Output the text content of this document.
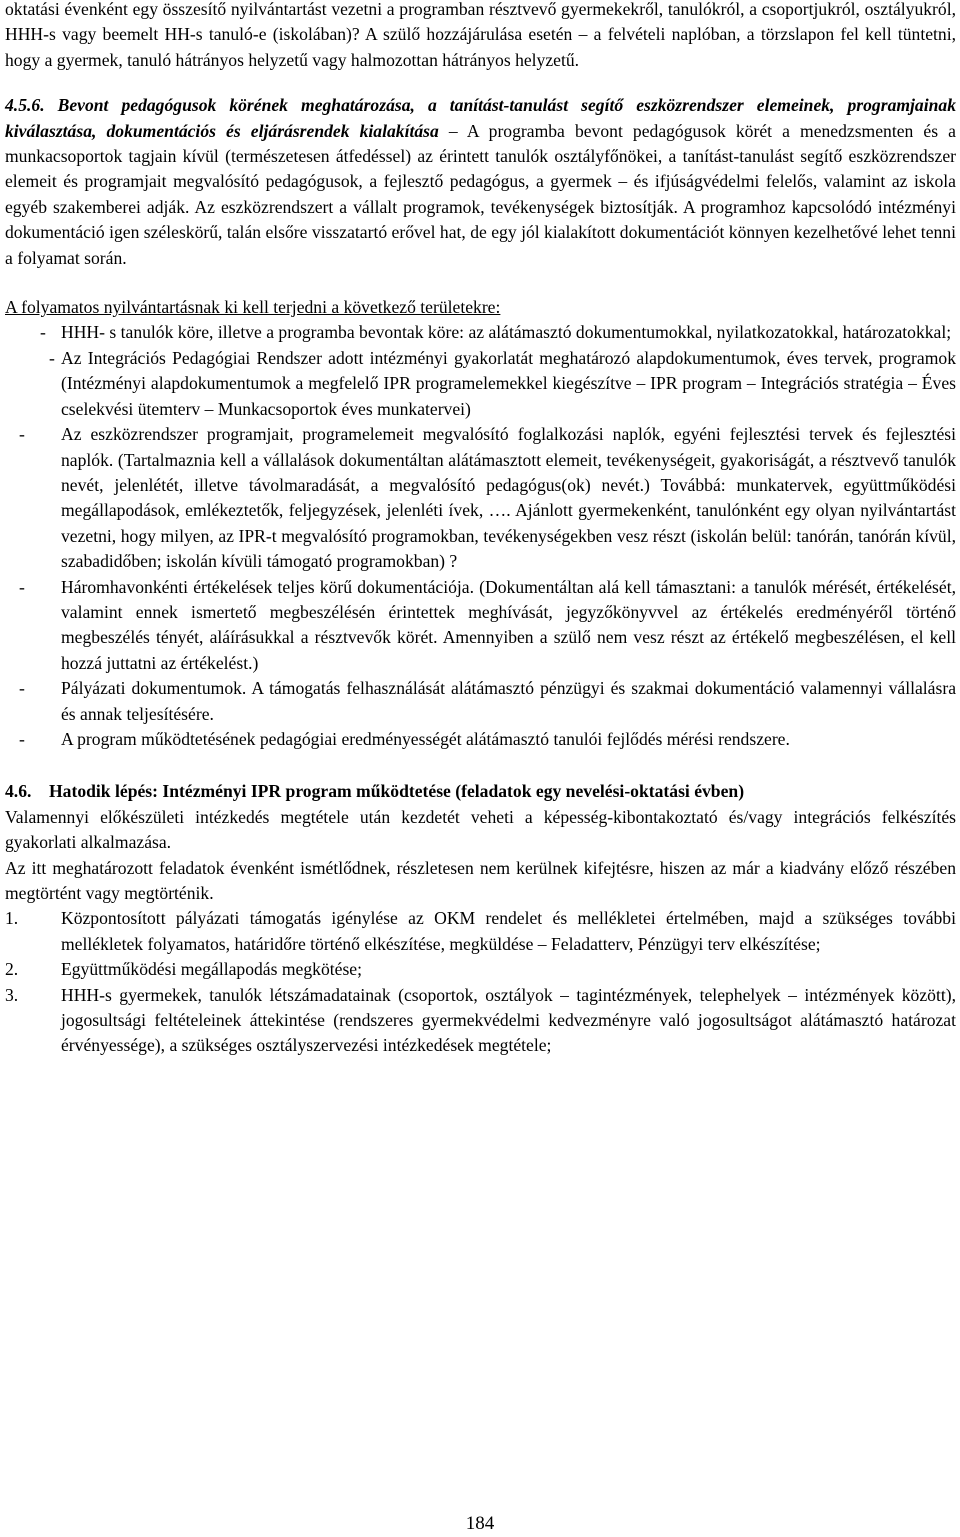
oktatási évenként egy összesítő nyilvántartást vezetni a programban résztvevő gyermekekről, tanulókról, a csoportjukról, osztályukról, HHH-s vagy beemelt HH-s tanuló-e (iskolában)? A szülő hozzájárulása esetén – a felvételi naplóban, a törzslapon fel kell tüntetni, hogy a gyermek, tanuló hátrányos helyzetű vagy halmozottan hátrányos helyzetű.

4.5.6. Bevont pedagógusok körének meghatározása, a tanítást-tanulást segítő eszközrendszer elemeinek, programjainak kiválasztása, dokumentációs és eljárásrendek kialakítása – A programba bevont pedagógusok körét a menedzsmenten és a munkacsoportok tagjain kívül (természetesen átfedéssel) az érintett tanulók osztályfőnökei, a tanítást-tanulást segítő eszközrendszer elemeit és programjait megvalósító pedagógusok, a fejlesztő pedagógus, a gyermek – és ifjúságvédelmi felelős, valamint az iskola egyéb szakemberei adják. Az eszközrendszert a vállalt programok, tevékenységek biztosítják. A programhoz kapcsolódó intézményi dokumentáció igen széleskörű, talán elsőre visszatartó erővel hat, de egy jól kialakított dokumentációt könnyen kezelhetővé lehet tenni a folyamat során.

A folyamatos nyilvántartásnak ki kell terjedni a következő területekre:

- HHH- s tanulók köre, illetve a programba bevontak köre: az alátámasztó dokumentumokkal, nyilatkozatokkal, határozatokkal;
- Az Integrációs Pedagógiai Rendszer adott intézményi gyakorlatát meghatározó alapdokumentumok, éves tervek, programok (Intézményi alapdokumentumok a megfelelő IPR programelemekkel kiegészítve – IPR program – Integrációs stratégia – Éves cselekvési ütemterv – Munkacsoportok éves munkatervei)
- Az eszközrendszer programjait, programelemeit megvalósító foglalkozási naplók, egyéni fejlesztési tervek és fejlesztési naplók. (Tartalmaznia kell a vállalások dokumentáltan alátámasztott elemeit, tevékenységeit, gyakoriságát, a résztvevő tanulók nevét, jelenlétét, illetve távolmaradását, a megvalósító pedagógus(ok) nevét.) Továbbá: munkatervek, együttműködési megállapodások, emlékeztetők, feljegyzések, jelenléti ívek, …. Ajánlott gyermekenként, tanulónként egy olyan nyilvántartást vezetni, hogy milyen, az IPR-t megvalósító programokban, tevékenységekben vesz részt (iskolán belül: tanórán, tanórán kívül, szabadidőben; iskolán kívüli támogató programokban) ?
- Háromhavonkénti értékelések teljes körű dokumentációja. (Dokumentáltan alá kell támasztani: a tanulók mérését, értékelését, valamint ennek ismertető megbeszélésén érintettek meghívását, jegyzőkönyvvel az értékelés eredményéről történő megbeszélés tényét, aláírásukkal a résztvevők körét. Amennyiben a szülő nem vesz részt az értékelő megbeszélésen, el kell hozzá juttatni az értékelést.)
- Pályázati dokumentumok. A támogatás felhasználását alátámasztó pénzügyi és szakmai dokumentáció valamennyi vállalásra és annak teljesítésére.
- A program működtetésének pedagógiai eredményességét alátámasztó tanulói fejlődés mérési rendszere.
4.6. Hatodik lépés: Intézményi IPR program működtetése (feladatok egy nevelési-oktatási évben)

Valamennyi előkészületi intézkedés megtétele után kezdetét veheti a képesség-kibontakoztató és/vagy integrációs felkészítés gyakorlati alkalmazása.

Az itt meghatározott feladatok évenként ismétlődnek, részletesen nem kerülnek kifejtésre, hiszen az már a kiadvány előző részében megtörtént vagy megtörténik.

1. Központosított pályázati támogatás igénylése az OKM rendelet és mellékletei értelmében, majd a szükséges további mellékletek folyamatos, határidőre történő elkészítése, megküldése – Feladatterv, Pénzügyi terv elkészítése;
2. Együttműködési megállapodás megkötése;
3. HHH-s gyermekek, tanulók létszámadatainak (csoportok, osztályok – tagintézmények, telephelyek – intézmények között), jogosultsági feltételeinek áttekintése (rendszeres gyermekvédelmi kedvezményre való jogosultságot alátámasztó határozat érvényessége), a szükséges osztályszervezési intézkedések megtétele;
184
